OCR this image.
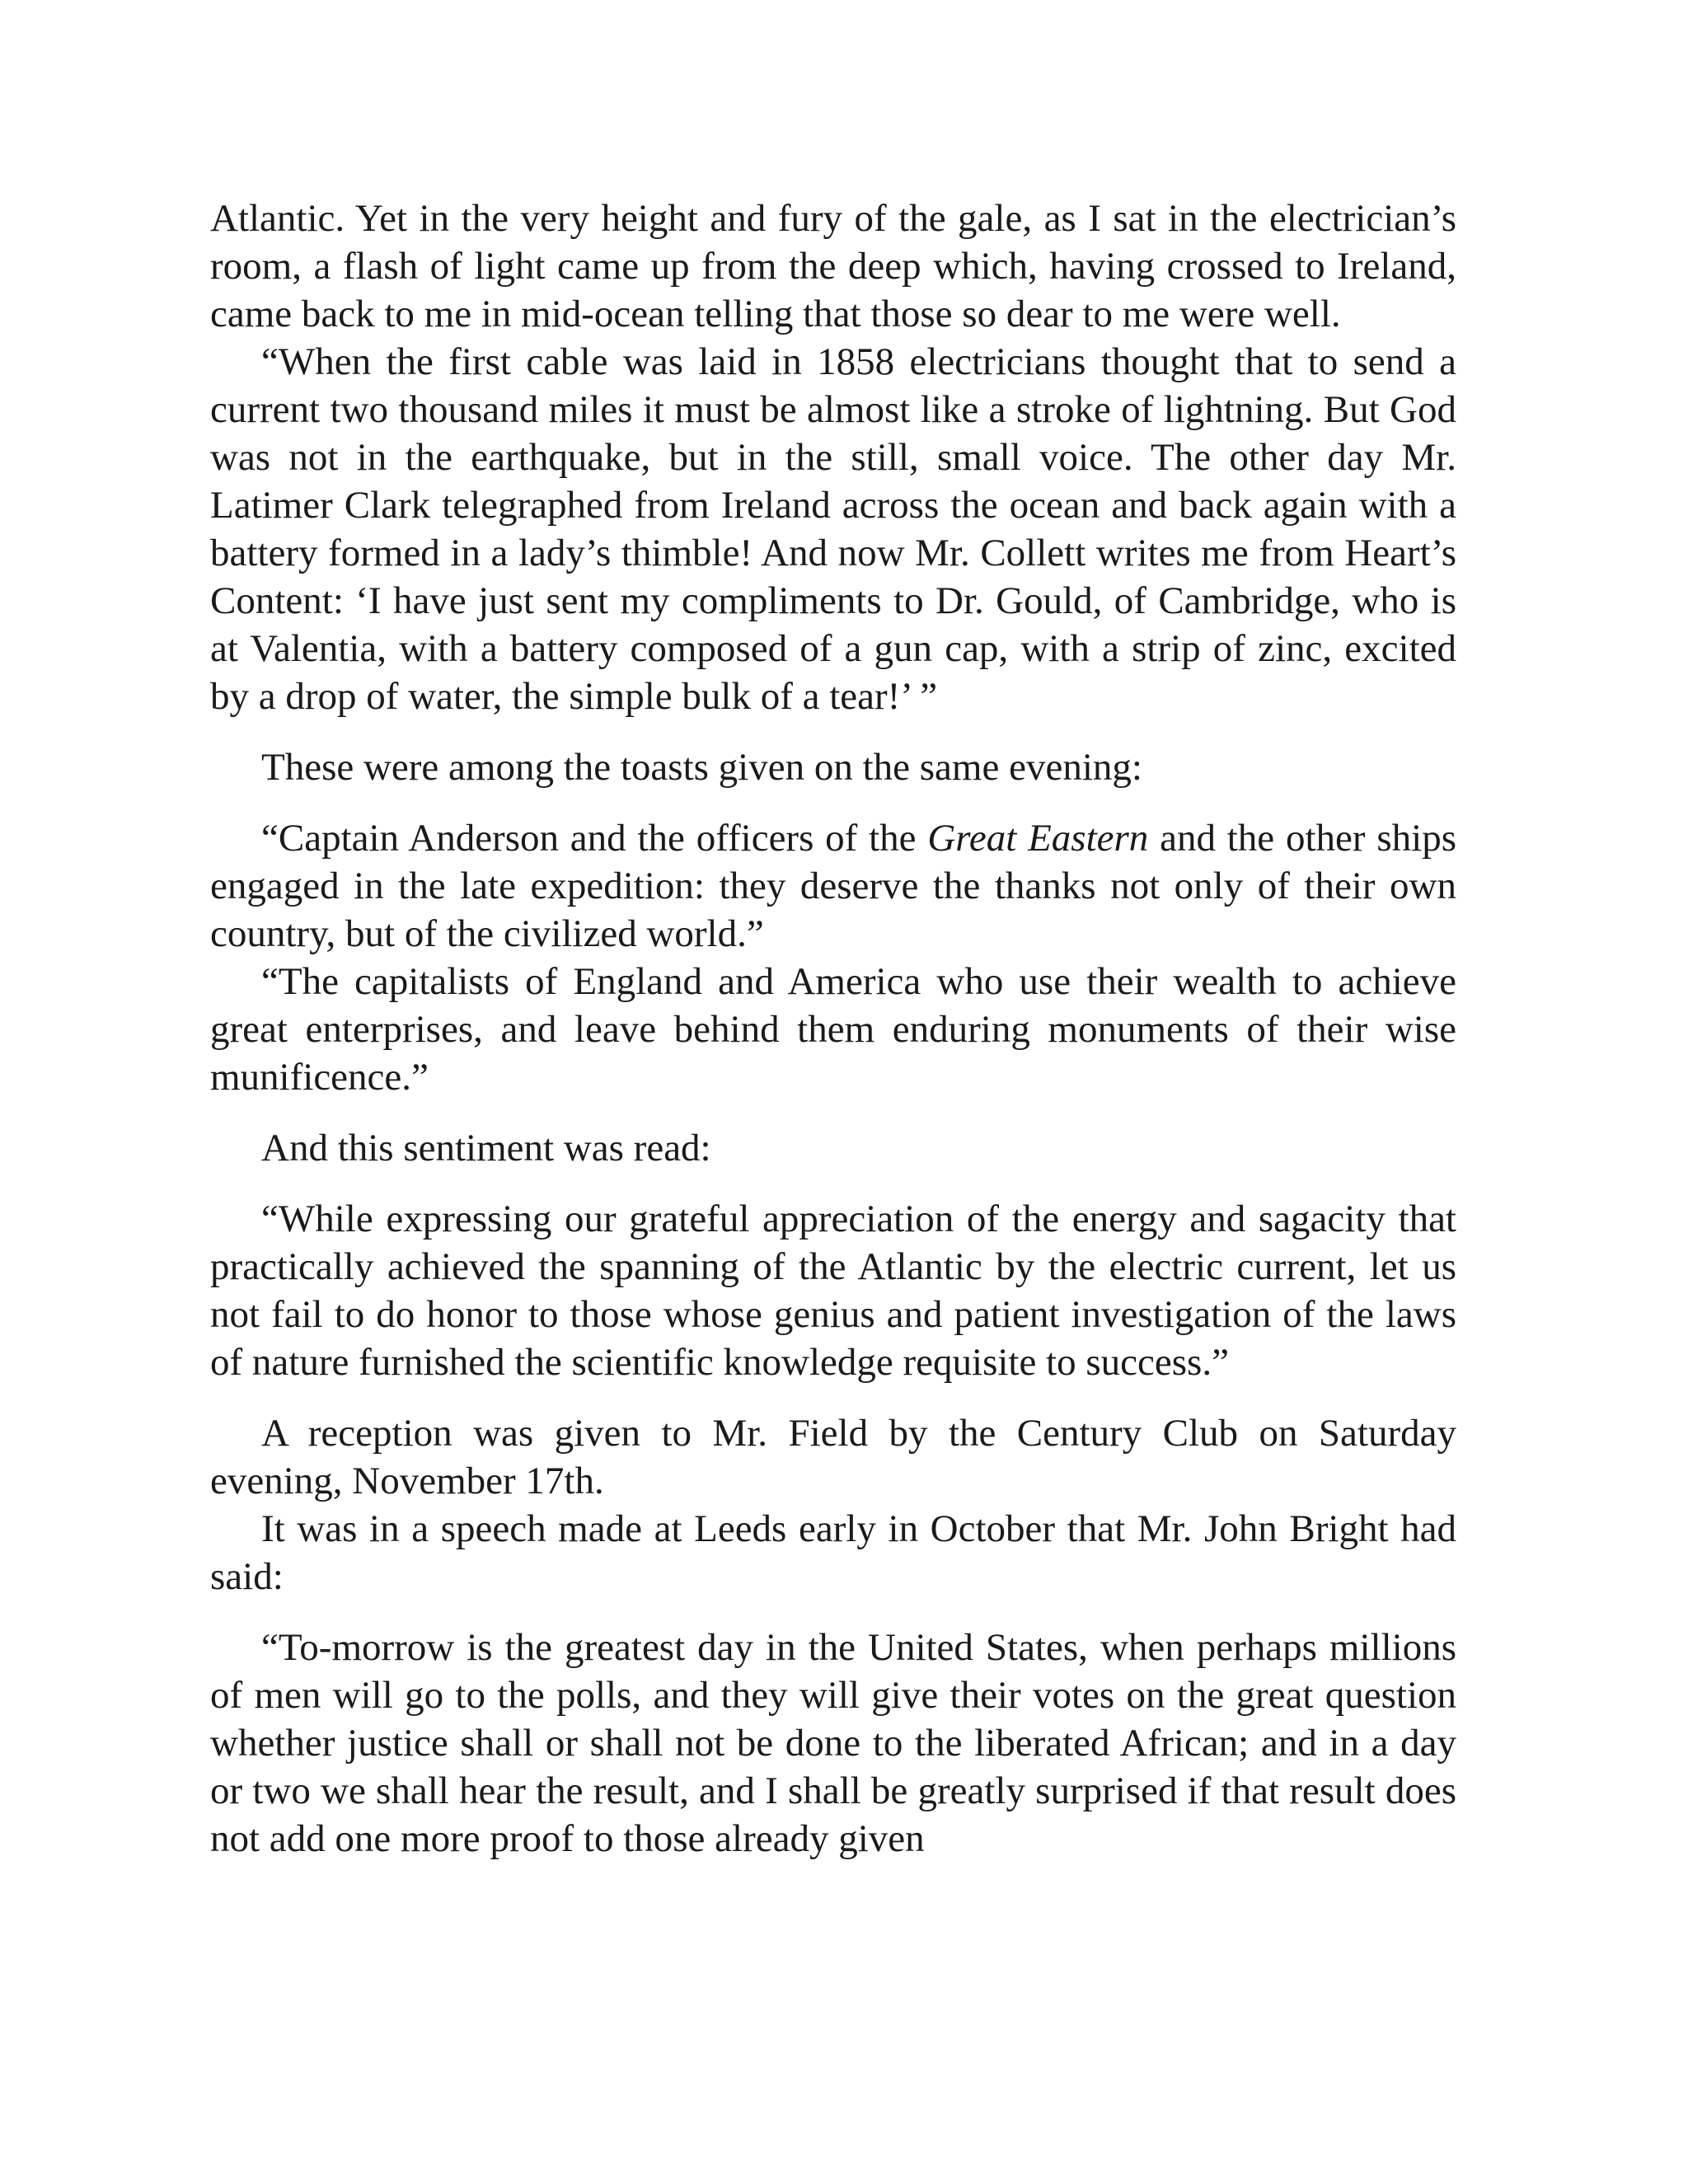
Atlantic. Yet in the very height and fury of the gale, as I sat in the electrician’s room, a flash of light came up from the deep which, having crossed to Ireland, came back to me in mid-ocean telling that those so dear to me were well.

“When the first cable was laid in 1858 electricians thought that to send a current two thousand miles it must be almost like a stroke of lightning. But God was not in the earthquake, but in the still, small voice. The other day Mr. Latimer Clark telegraphed from Ireland across the ocean and back again with a battery formed in a lady’s thimble! And now Mr. Collett writes me from Heart’s Content: ‘I have just sent my compliments to Dr. Gould, of Cambridge, who is at Valentia, with a battery composed of a gun cap, with a strip of zinc, excited by a drop of water, the simple bulk of a tear!’ ”

These were among the toasts given on the same evening:

“Captain Anderson and the officers of the Great Eastern and the other ships engaged in the late expedition: they deserve the thanks not only of their own country, but of the civilized world.”

“The capitalists of England and America who use their wealth to achieve great enterprises, and leave behind them enduring monuments of their wise munificence.”

And this sentiment was read:

“While expressing our grateful appreciation of the energy and sagacity that practically achieved the spanning of the Atlantic by the electric current, let us not fail to do honor to those whose genius and patient investigation of the laws of nature furnished the scientific knowledge requisite to success.”

A reception was given to Mr. Field by the Century Club on Saturday evening, November 17th.

It was in a speech made at Leeds early in October that Mr. John Bright had said:

“To-morrow is the greatest day in the United States, when perhaps millions of men will go to the polls, and they will give their votes on the great question whether justice shall or shall not be done to the liberated African; and in a day or two we shall hear the result, and I shall be greatly surprised if that result does not add one more proof to those already given
